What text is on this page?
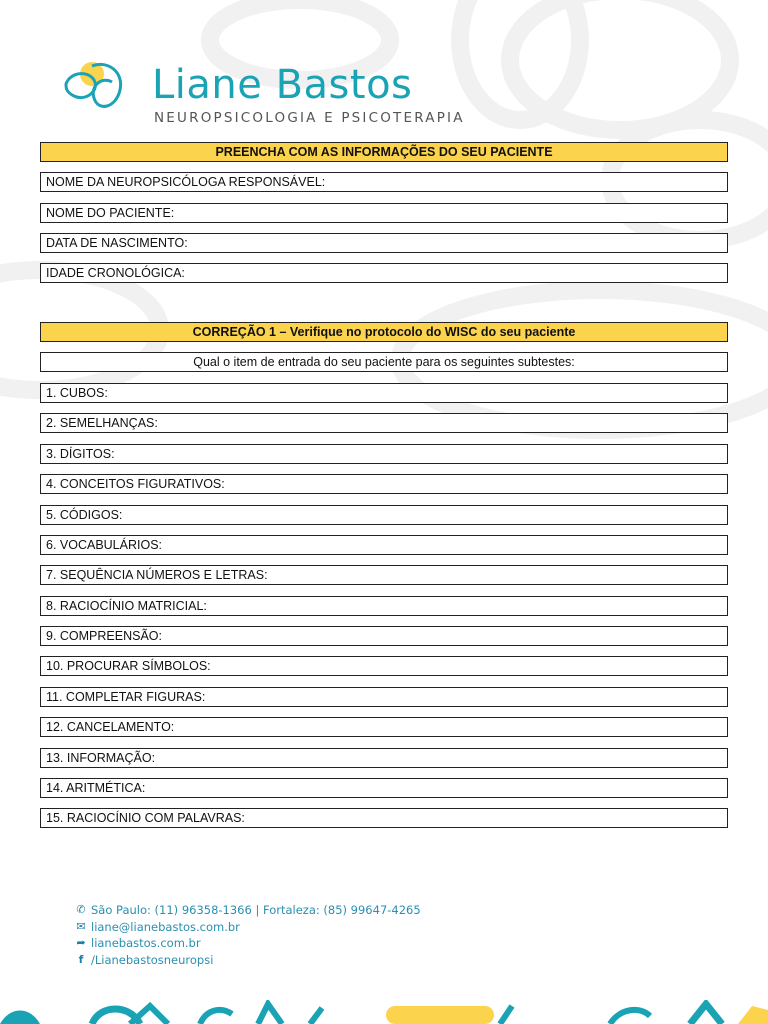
Liane Bastos
NEUROPSICOLOGIA E PSICOTERAPIA
PREENCHA COM AS INFORMAÇÕES DO SEU PACIENTE
NOME DA NEUROPSICÓLOGA RESPONSÁVEL:
NOME DO PACIENTE:
DATA DE NASCIMENTO:
IDADE CRONOLÓGICA:
CORREÇÃO 1 – Verifique no protocolo do WISC do seu paciente
Qual o item de entrada do seu paciente para os seguintes subtestes:
1. CUBOS:
2. SEMELHANÇAS:
3. DÍGITOS:
4. CONCEITOS FIGURATIVOS:
5. CÓDIGOS:
6. VOCABULÁRIOS:
7. SEQUÊNCIA NÚMEROS E LETRAS:
8. RACIOCÍNIO MATRICIAL:
9. COMPREENSÃO:
10. PROCURAR SÍMBOLOS:
11. COMPLETAR FIGURAS:
12. CANCELAMENTO:
13. INFORMAÇÃO:
14. ARITMÉTICA:
15. RACIOCÍNIO COM PALAVRAS:
✆ São Paulo: (11) 96358-1366 | Fortaleza: (85) 99647-4265
✉ liane@lianebastos.com.br
➦ lianebastos.com.br
f /Lianebastosneuropsi
